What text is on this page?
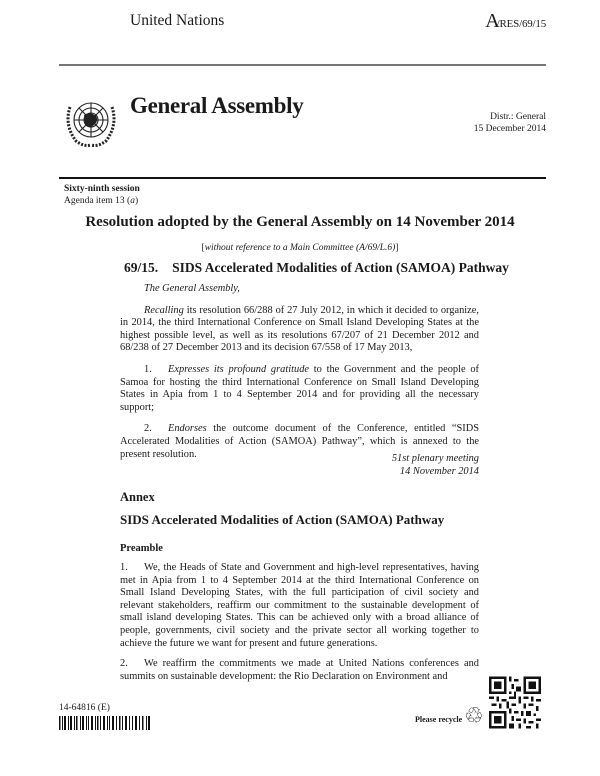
United Nations	A/RES/69/15
General Assembly	Distr.: General
15 December 2014
Sixty-ninth session
Agenda item 13 (a)
Resolution adopted by the General Assembly on 14 November 2014
[without reference to a Main Committee (A/69/L.6)]
69/15. SIDS Accelerated Modalities of Action (SAMOA) Pathway

The General Assembly,

Recalling its resolution 66/288 of 27 July 2012, in which it decided to organize, in 2014, the third International Conference on Small Island Developing States at the highest possible level, as well as its resolutions 67/207 of 21 December 2012 and 68/238 of 27 December 2013 and its decision 67/558 of 17 May 2013,

1. Expresses its profound gratitude to the Government and the people of Samoa for hosting the third International Conference on Small Island Developing States in Apia from 1 to 4 September 2014 and for providing all the necessary support;

2. Endorses the outcome document of the Conference, entitled “SIDS Accelerated Modalities of Action (SAMOA) Pathway”, which is annexed to the present resolution.	51st plenary meeting
14 November 2014
Annex
SIDS Accelerated Modalities of Action (SAMOA) Pathway
Preamble

1. We, the Heads of State and Government and high-level representatives, having met in Apia from 1 to 4 September 2014 at the third International Conference on Small Island Developing States, with the full participation of civil society and relevant stakeholders, reaffirm our commitment to the sustainable development of small island developing States. This can be achieved only with a broad alliance of people, governments, civil society and the private sector all working together to achieve the future we want for present and future generations.

2. We reaffirm the commitments we made at United Nations conferences and summits on sustainable development: the Rio Declaration on Environment and

14-64816 (E)
Please recycle ♲
